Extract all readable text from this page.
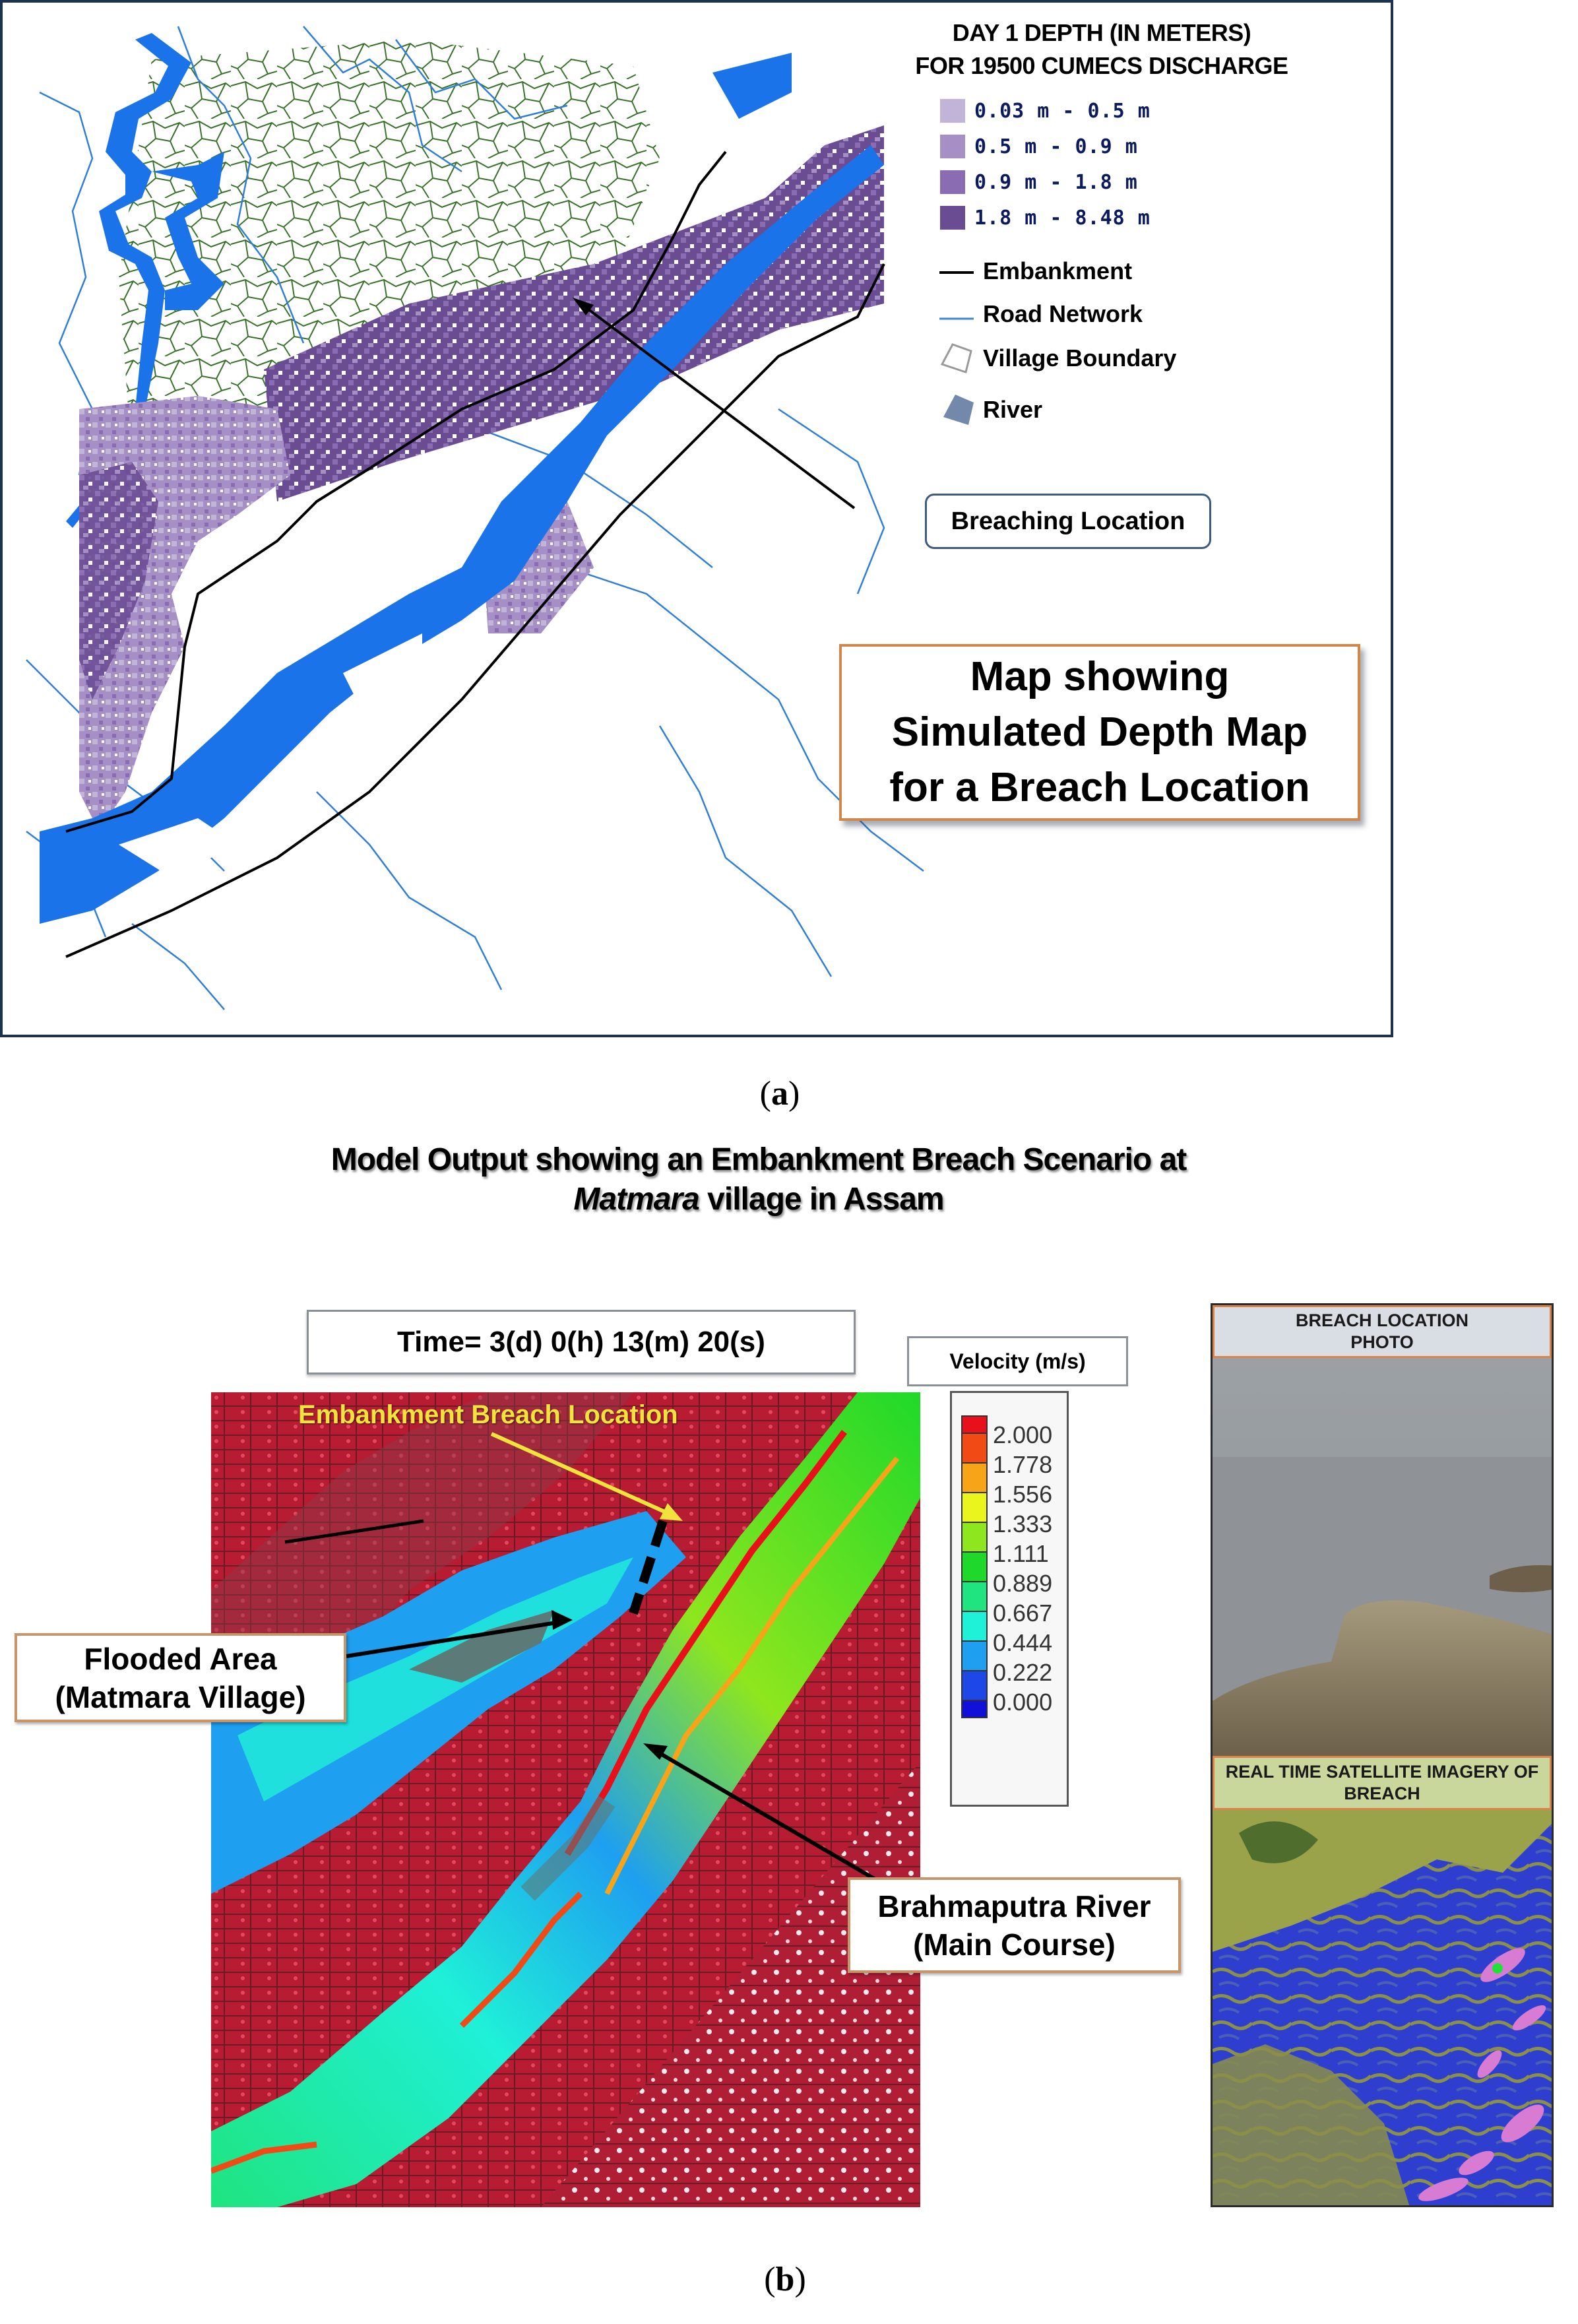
DAY 1 DEPTH (IN METERS)
FOR 19500 CUMECS DISCHARGE
0.03 m - 0.5 m
0.5 m - 0.9 m
0.9 m - 1.8 m
1.8 m - 8.48 m
Embankment
Road Network
Village Boundary
River
Breaching Location
Map showing
Simulated Depth Map
for a Breach Location
(a)
Model Output showing an Embankment Breach Scenario at
Matmara village in Assam
Time= 3(d) 0(h) 13(m) 20(s)
Velocity (m/s)
Embankment Breach Location
Flooded Area
(Matmara Village)
Brahmaputra River
(Main Course)
2.000
1.778
1.556
1.333
1.111
0.889
0.667
0.444
0.222
0.000
BREACH LOCATION
PHOTO
REAL TIME SATELLITE IMAGERY OF
BREACH
(b)
